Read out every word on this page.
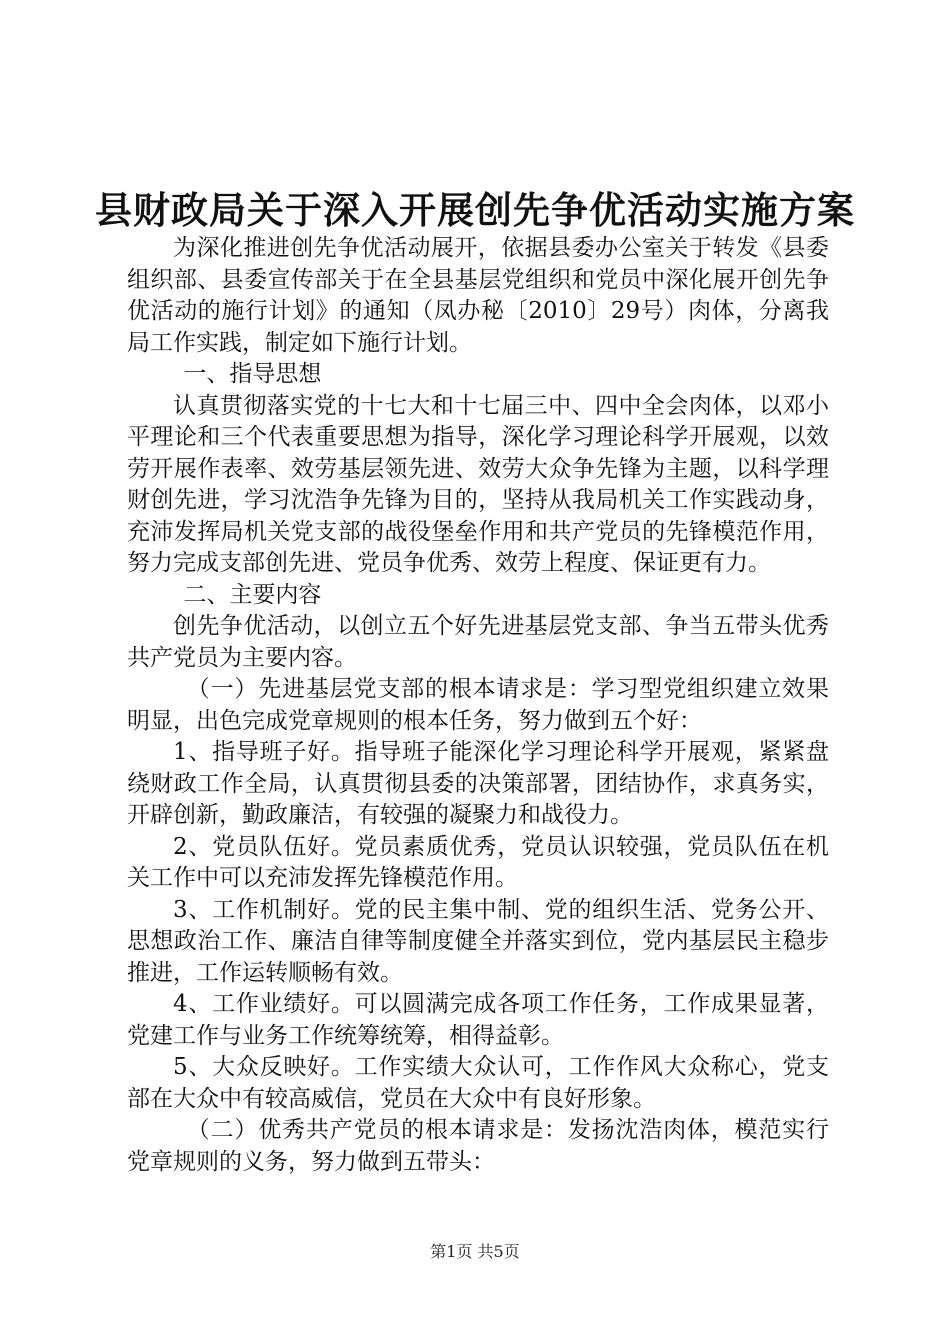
县财政局关于深入开展创先争优活动实施方案

为深化推进创先争优活动展开，依据县委办公室关于转发《县委组织部、县委宣传部关于在全县基层党组织和党员中深化展开创先争优活动的施行计划》的通知（凤办秘〔2010〕29号）肉体，分离我局工作实践，制定如下施行计划。

一、指导思想

认真贯彻落实党的十七大和十七届三中、四中全会肉体，以邓小平理论和三个代表重要思想为指导，深化学习理论科学开展观，以效劳开展作表率、效劳基层领先进、效劳大众争先锋为主题，以科学理财创先进，学习沈浩争先锋为目的，坚持从我局机关工作实践动身，充沛发挥局机关党支部的战役堡垒作用和共产党员的先锋模范作用，努力完成支部创先进、党员争优秀、效劳上程度、保证更有力。

二、主要内容

创先争优活动，以创立五个好先进基层党支部、争当五带头优秀共产党员为主要内容。

（一）先进基层党支部的根本请求是：学习型党组织建立效果明显，出色完成党章规则的根本任务，努力做到五个好：

1、指导班子好。指导班子能深化学习理论科学开展观，紧紧盘绕财政工作全局，认真贯彻县委的决策部署，团结协作，求真务实，开辟创新，勤政廉洁，有较强的凝聚力和战役力。

2、党员队伍好。党员素质优秀，党员认识较强，党员队伍在机关工作中可以充沛发挥先锋模范作用。

3、工作机制好。党的民主集中制、党的组织生活、党务公开、思想政治工作、廉洁自律等制度健全并落实到位，党内基层民主稳步推进，工作运转顺畅有效。

4、工作业绩好。可以圆满完成各项工作任务，工作成果显著，党建工作与业务工作统筹统筹，相得益彰。

5、大众反映好。工作实绩大众认可，工作作风大众称心，党支部在大众中有较高威信，党员在大众中有良好形象。

（二）优秀共产党员的根本请求是：发扬沈浩肉体，模范实行党章规则的义务，努力做到五带头：

第1页 共5页
